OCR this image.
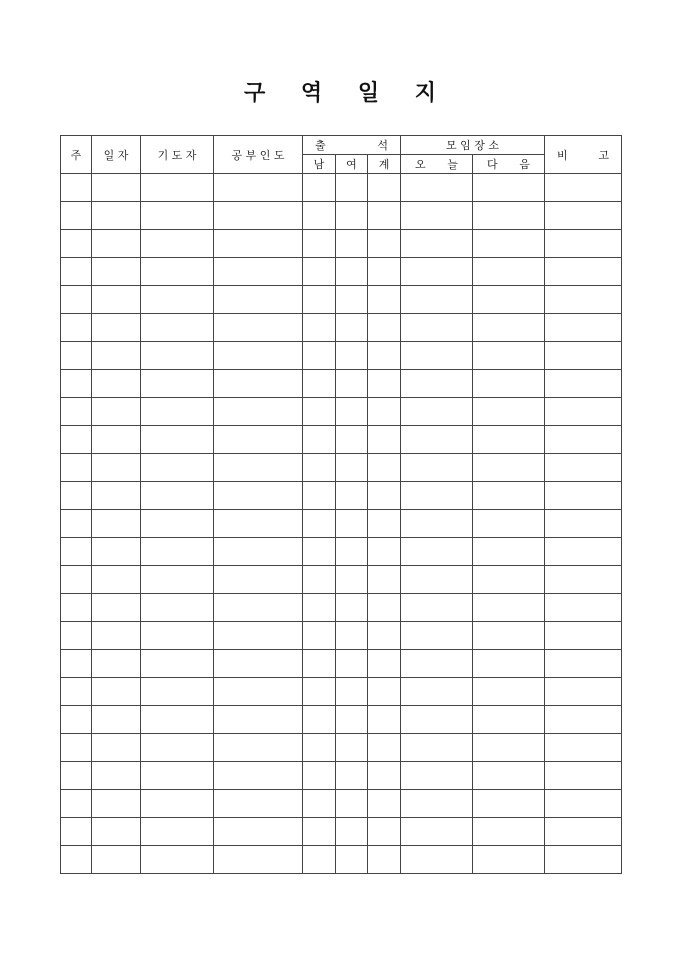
구 역 일 지
주	일 자	기 도 자	공 부 인 도	출 석			모 임 장 소		비 고

				남	여	계	오 늘	다 음	
